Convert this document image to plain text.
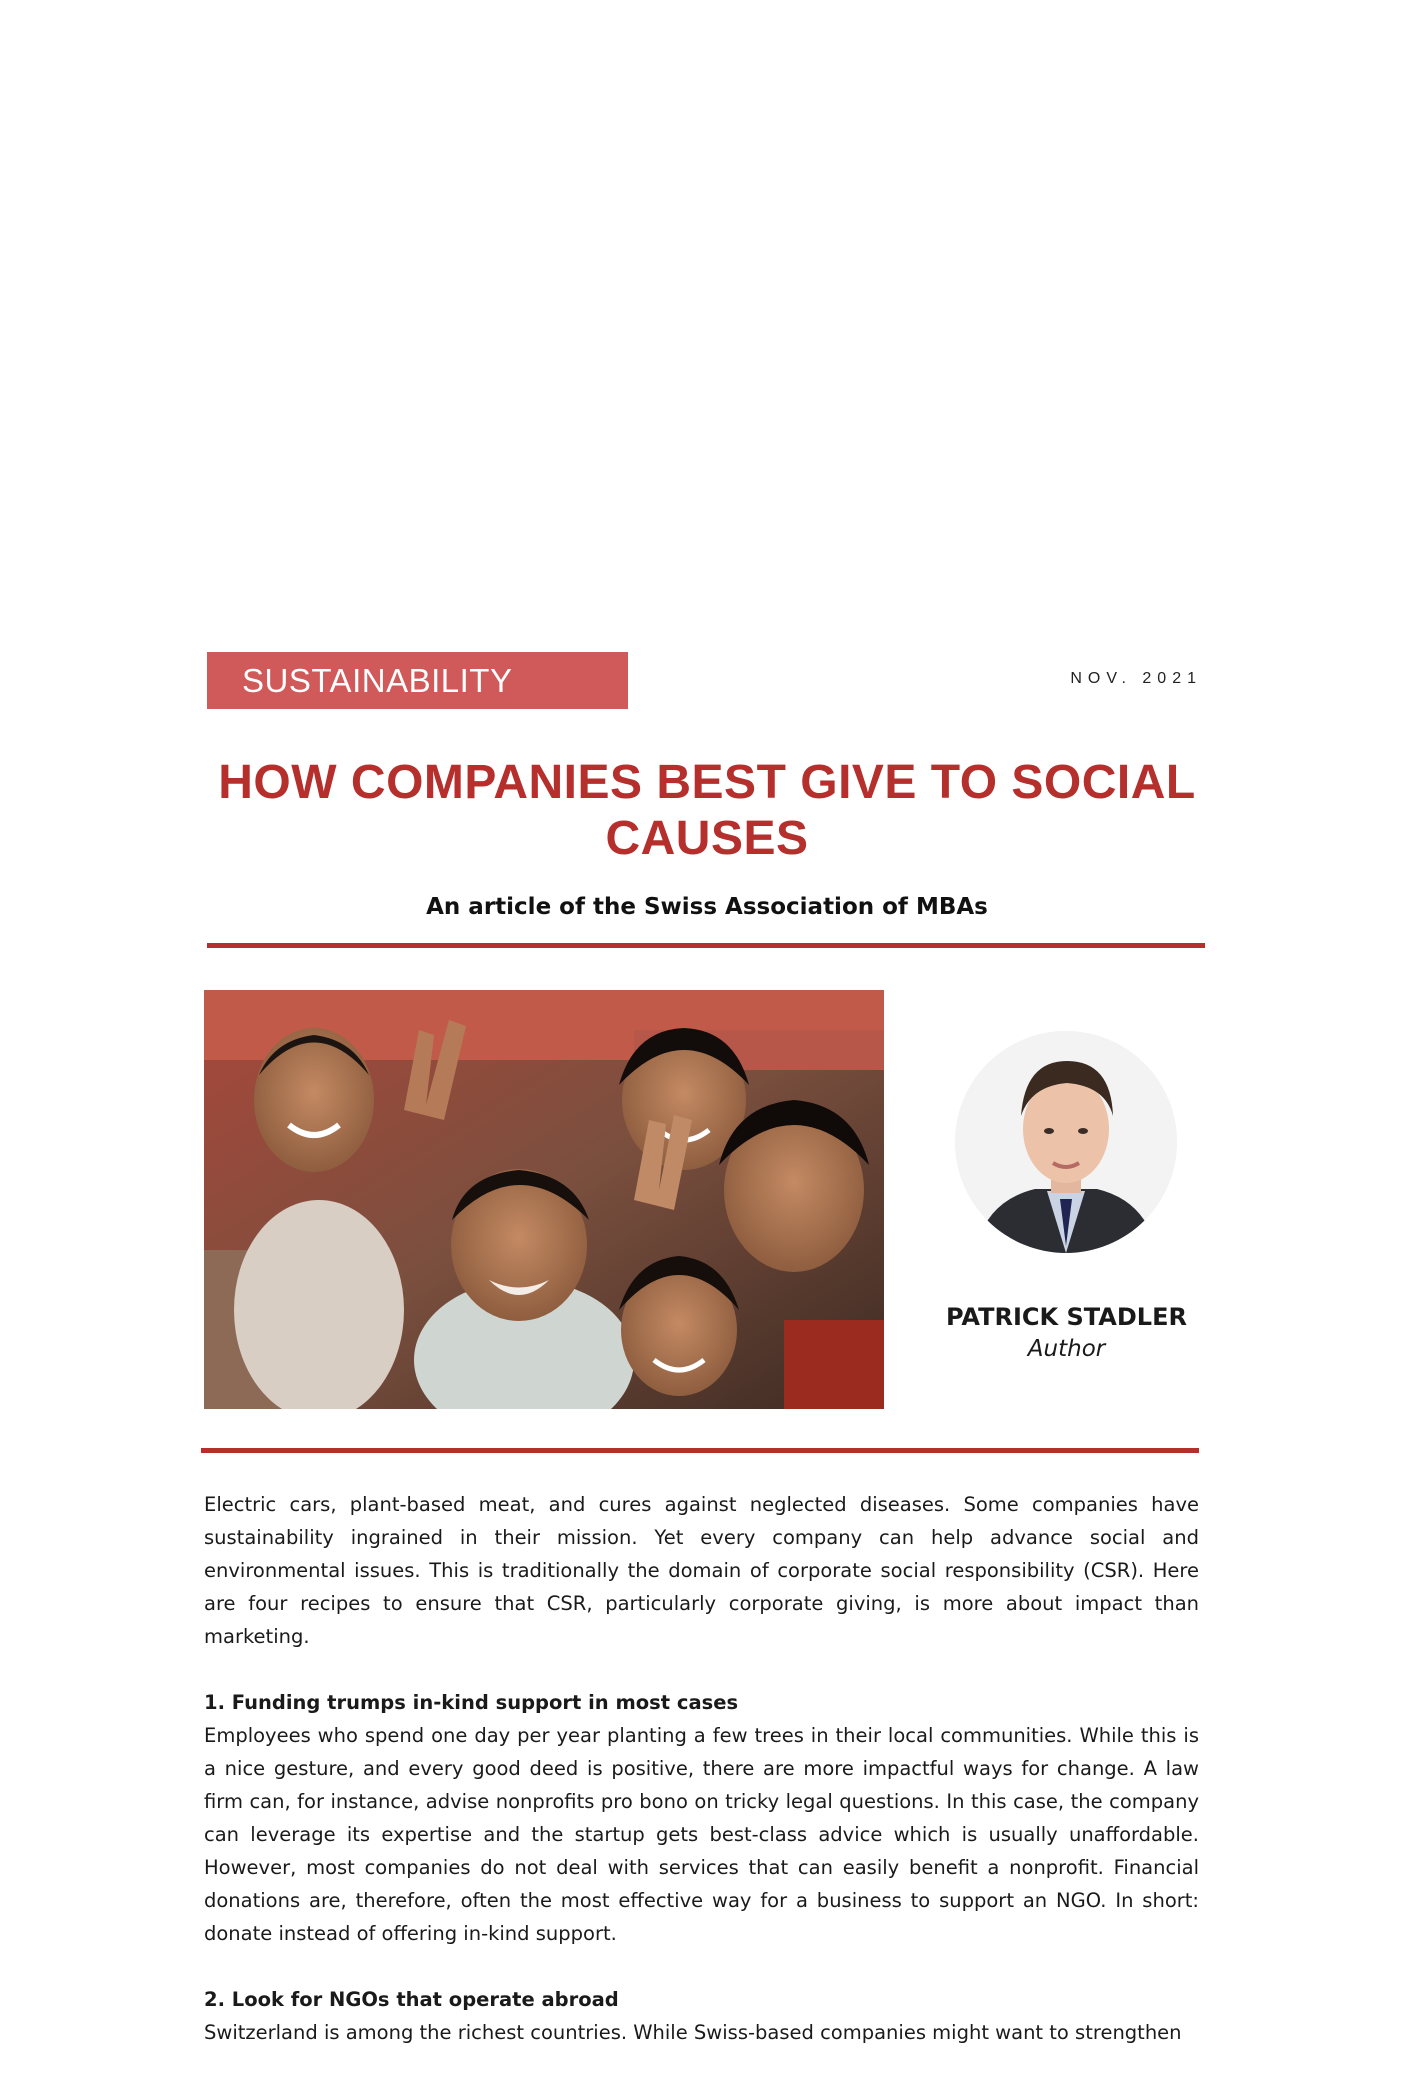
SUSTAINABILITY	NOV. 2021
HOW COMPANIES BEST GIVE TO SOCIAL CAUSES
An article of the Swiss Association of MBAs
PATRICK STADLER
Author

Electric cars, plant-based meat, and cures against neglected diseases. Some companies have sustainability ingrained in their mission. Yet every company can help advance social and environmental issues. This is traditionally the domain of corporate social responsibility (CSR). Here are four recipes to ensure that CSR, particularly corporate giving, is more about impact than marketing.

1. Funding trumps in-kind support in most cases

Employees who spend one day per year planting a few trees in their local communities. While this is a nice gesture, and every good deed is positive, there are more impactful ways for change. A law firm can, for instance, advise nonprofits pro bono on tricky legal questions. In this case, the company can leverage its expertise and the startup gets best-class advice which is usually unaffordable. However, most companies do not deal with services that can easily benefit a nonprofit. Financial donations are, therefore, often the most effective way for a business to support an NGO. In short: donate instead of offering in-kind support.

2. Look for NGOs that operate abroad

Switzerland is among the richest countries. While Swiss-based companies might want to strengthen
